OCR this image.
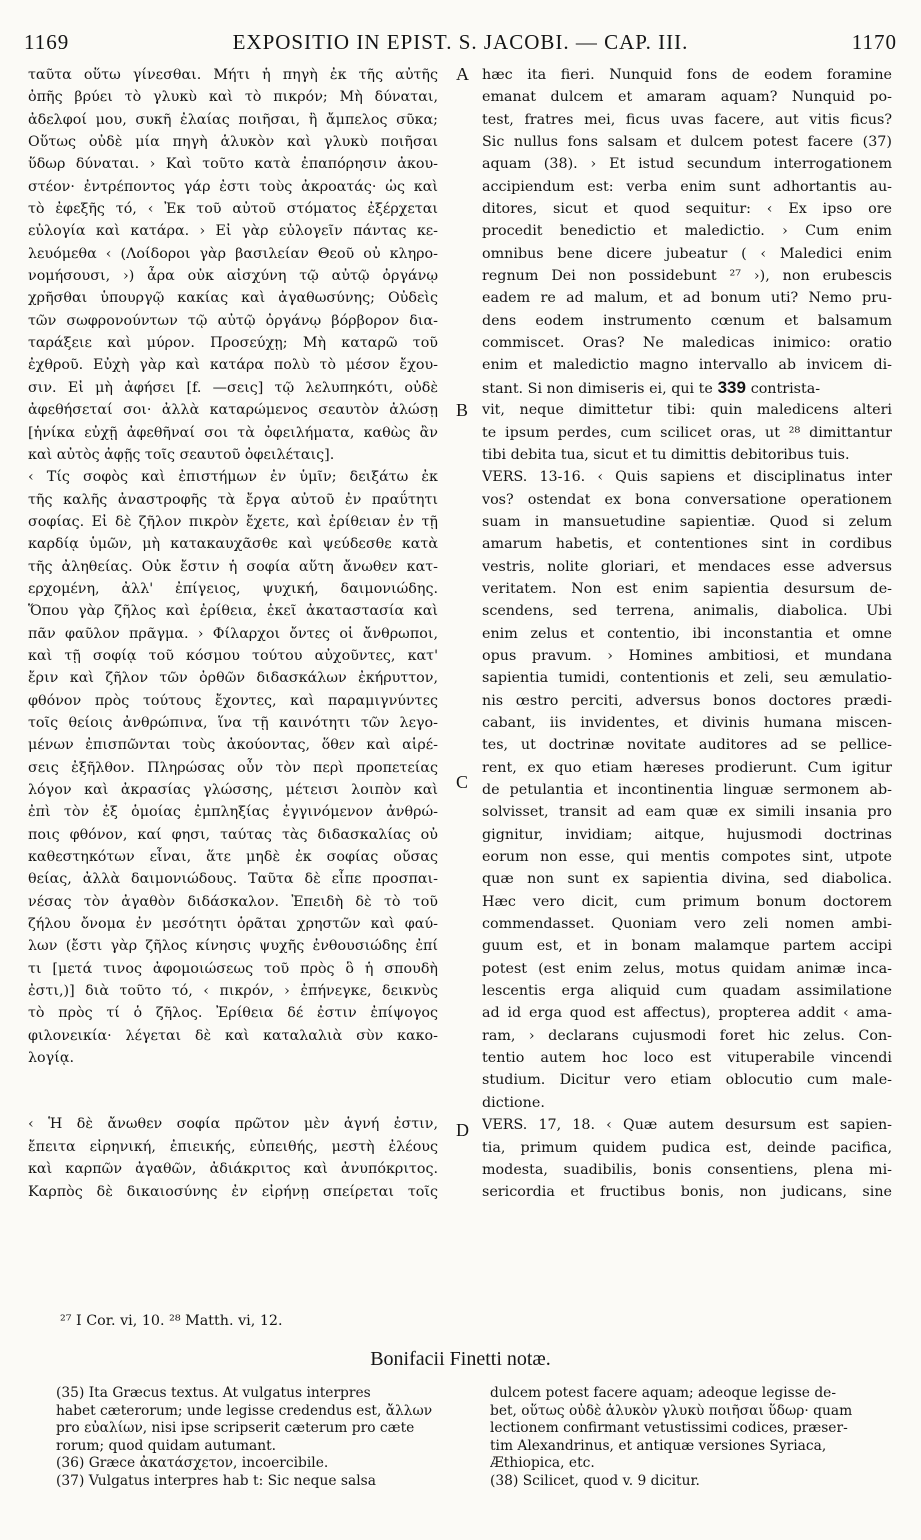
1169	EXPOSITIO IN EPIST. S. JACOBI. — CAP. III.	1170
ταῦτα οὕτω γίνεσθαι. Μήτι ἡ πηγὴ ἐκ τῆς αὐτῆς
ὀπῆς βρύει τὸ γλυκὺ καὶ τὸ πικρόν; Μὴ δύναται,
ἀδελφοί μου, συκῆ ἐλαίας ποιῆσαι, ἢ ἄμπελος σῦκα;
Οὕτως οὐδὲ μία πηγὴ ἁλυκὸν καὶ γλυκὺ ποιῆσαι
ὕδωρ δύναται. › Καὶ τοῦτο κατὰ ἐπαπόρησιν ἀκου-
στέον· ἐντρέποντος γάρ ἐστι τοὺς ἀκροατάς· ὡς καὶ
τὸ ἐφεξῆς τό, ‹ Ἐκ τοῦ αὐτοῦ στόματος ἐξέρχεται
εὐλογία καὶ κατάρα. › Εἰ γὰρ εὐλογεῖν πάντας κε-
λευόμεθα ‹ (Λοίδοροι γὰρ βασιλείαν Θεοῦ οὐ κληρο-
νομήσουσι, ›) ἆρα οὐκ αἰσχύνη τῷ αὐτῷ ὀργάνῳ
χρῆσθαι ὑπουργῷ κακίας καὶ ἀγαθωσύνης; Οὐδεὶς
τῶν σωφρονούντων τῷ αὐτῷ ὀργάνῳ βόρβορον δια-
ταράξειε καὶ μύρον. Προσεύχῃ; Μὴ καταρῶ τοῦ
ἐχθροῦ. Εὐχὴ γὰρ καὶ κατάρα πολὺ τὸ μέσον ἔχου-
σιν. Εἰ μὴ ἀφήσει [f. —σεις] τῷ λελυπηκότι, οὐδὲ
ἀφεθήσεταί σοι· ἀλλὰ καταρώμενος σεαυτὸν ἀλώσῃ
[ἡνίκα εὐχῇ ἀφεθῆναί σοι τὰ ὀφειλήματα, καθὼς ἂν
καὶ αὐτὸς ἀφῇς τοῖς σεαυτοῦ ὀφειλέταις].
‹ Τίς σοφὸς καὶ ἐπιστήμων ἐν ὑμῖν; δειξάτω ἐκ
τῆς καλῆς ἀναστροφῆς τὰ ἔργα αὐτοῦ ἐν πραΰτητι
σοφίας. Εἰ δὲ ζῆλον πικρὸν ἔχετε, καὶ ἐρίθειαν ἐν τῇ
καρδίᾳ ὑμῶν, μὴ κατακαυχᾶσθε καὶ ψεύδεσθε κατὰ
τῆς ἀληθείας. Οὐκ ἔστιν ἡ σοφία αὕτη ἄνωθεν κατ-
ερχομένη, ἀλλ' ἐπίγειος, ψυχική, δαιμονιώδης.
Ὅπου γὰρ ζῆλος καὶ ἐρίθεια, ἐκεῖ ἀκαταστασία καὶ
πᾶν φαῦλον πρᾶγμα. › Φίλαρχοι ὄντες οἱ ἄνθρωποι,
καὶ τῇ σοφίᾳ τοῦ κόσμου τούτου αὐχοῦντες, κατ'
ἔριν καὶ ζῆλον τῶν ὀρθῶν διδασκάλων ἐκήρυττον,
φθόνον πρὸς τούτους ἔχοντες, καὶ παραμιγνύντες
τοῖς θείοις ἀνθρώπινα, ἵνα τῇ καινότητι τῶν λεγο-
μένων ἐπισπῶνται τοὺς ἀκούοντας, ὅθεν καὶ αἱρέ-
σεις ἐξῆλθον. Πληρώσας οὖν τὸν περὶ προπετείας
λόγον καὶ ἀκρασίας γλώσσης, μέτεισι λοιπὸν καὶ
ἐπὶ τὸν ἐξ ὁμοίας ἐμπληξίας ἐγγινόμενον ἀνθρώ-
ποις φθόνον, καί φησι, ταύτας τὰς διδασκαλίας οὐ
καθεστηκότων εἶναι, ἅτε μηδὲ ἐκ σοφίας οὔσας
θείας, ἀλλὰ δαιμονιώδους. Ταῦτα δὲ εἶπε προσπαι-
νέσας τὸν ἀγαθὸν διδάσκαλον. Ἐπειδὴ δὲ τὸ τοῦ
ζήλου ὄνομα ἐν μεσότητι ὁρᾶται χρηστῶν καὶ φαύ-
λων (ἔστι γὰρ ζῆλος κίνησις ψυχῆς ἐνθουσιώδης ἐπί
τι [μετά τινος ἀφομοιώσεως τοῦ πρὸς ὃ ἡ σπουδὴ
ἐστι,)] διὰ τοῦτο τό, ‹ πικρόν, › ἐπήνεγκε, δεικνὺς
τὸ πρὸς τί ὁ ζῆλος. Ἐρίθεια δέ ἐστιν ἐπίψογος
φιλονεικία· λέγεται δὲ καὶ καταλαλιὰ σὺν κακο-
λογίᾳ.
‹ Ἡ δὲ ἄνωθεν σοφία πρῶτον μὲν ἁγνή ἐστιν,
ἔπειτα εἰρηνική, ἐπιεικής, εὐπειθής, μεστὴ ἐλέους
καὶ καρπῶν ἀγαθῶν, ἀδιάκριτος καὶ ἀνυπόκριτος.
Καρπὸς δὲ δικαιοσύνης ἐν εἰρήνῃ σπείρεται τοῖς
hæc ita fieri. Nunquid fons de eodem foramine
emanat dulcem et amaram aquam? Nunquid po-
test, fratres mei, ficus uvas facere, aut vitis ficus?
Sic nullus fons salsam et dulcem potest facere (37)
aquam (38). › Et istud secundum interrogationem
accipiendum est: verba enim sunt adhortantis au-
ditores, sicut et quod sequitur: ‹ Ex ipso ore
procedit benedictio et maledictio. › Cum enim
omnibus bene dicere jubeatur ( ‹ Maledici enim
regnum Dei non possidebunt ²⁷ ›), non erubescis
eadem re ad malum, et ad bonum uti? Nemo pru-
dens eodem instrumento cœnum et balsamum
commiscet. Oras? Ne maledicas inimico: oratio
enim et maledictio magno intervallo ab invicem di-
stant. Si non dimiseris ei, qui te 339 contrista-
vit, neque dimittetur tibi: quin maledicens alteri
te ipsum perdes, cum scilicet oras, ut ²⁸ dimittantur
tibi debita tua, sicut et tu dimittis debitoribus tuis.
VERS. 13-16. ‹ Quis sapiens et disciplinatus inter
vos? ostendat ex bona conversatione operationem
suam in mansuetudine sapientiæ. Quod si zelum
amarum habetis, et contentiones sint in cordibus
vestris, nolite gloriari, et mendaces esse adversus
veritatem. Non est enim sapientia desursum de-
scendens, sed terrena, animalis, diabolica. Ubi
enim zelus et contentio, ibi inconstantia et omne
opus pravum. › Homines ambitiosi, et mundana
sapientia tumidi, contentionis et zeli, seu æmulatio-
nis œstro perciti, adversus bonos doctores prædi-
cabant, iis invidentes, et divinis humana miscen-
tes, ut doctrinæ novitate auditores ad se pellice-
rent, ex quo etiam hæreses prodierunt. Cum igitur
de petulantia et incontinentia linguæ sermonem ab-
solvisset, transit ad eam quæ ex simili insania pro
gignitur, invidiam; aitque, hujusmodi doctrinas
eorum non esse, qui mentis compotes sint, utpote
quæ non sunt ex sapientia divina, sed diabolica.
Hæc vero dicit, cum primum bonum doctorem
commendasset. Quoniam vero zeli nomen ambi-
guum est, et in bonam malamque partem accipi
potest (est enim zelus, motus quidam animæ inca-
lescentis erga aliquid cum quadam assimilatione
ad id erga quod est affectus), propterea addit ‹ ama-
ram, › declarans cujusmodi foret hic zelus. Con-
tentio autem hoc loco est vituperabile vincendi
studium. Dicitur vero etiam oblocutio cum male-
dictione.
VERS. 17, 18. ‹ Quæ autem desursum est sapien-
tia, primum quidem pudica est, deinde pacifica,
modesta, suadibilis, bonis consentiens, plena mi-
sericordia et fructibus bonis, non judicans, sine
A
B
C
D
²⁷ I Cor. vi, 10. ²⁸ Matth. vi, 12.
Bonifacii Finetti notæ.
(35) Ita Græcus textus. At vulgatus interpres
habet cæterorum; unde legisse credendus est, ἄλλων
pro εὐαλίων, nisi ipse scripserit cæterum pro cæte
rorum; quod quidam autumant.
(36) Græce ἀκατάσχετον, incoercibile.
(37) Vulgatus interpres hab t: Sic neque salsa
dulcem potest facere aquam; adeoque legisse de-
bet, οὕτως οὐδὲ ἁλυκὸν γλυκὺ ποιῆσαι ὕδωρ· quam
lectionem confirmant vetustissimi codices, præser-
tim Alexandrinus, et antiquæ versiones Syriaca,
Æthiopica, etc.
(38) Scilicet, quod v. 9 dicitur.
